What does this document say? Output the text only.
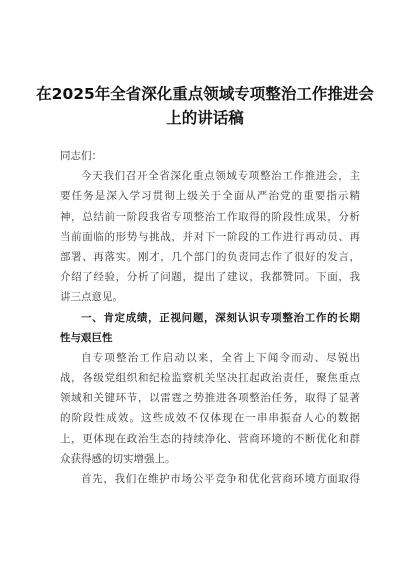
在2025年全省深化重点领域专项整治工作推进会
上的讲话稿
同志们：
今天我们召开全省深化重点领域专项整治工作推进会，主
要任务是深入学习贯彻上级关于全面从严治党的重要指示精
神，总结前一阶段我省专项整治工作取得的阶段性成果，分析
当前面临的形势与挑战，并对下一阶段的工作进行再动员、再
部署、再落实。刚才，几个部门的负责同志作了很好的发言，
介绍了经验，分析了问题，提出了建议，我都赞同。下面，我
讲三点意见。
一、肯定成绩，正视问题，深刻认识专项整治工作的长期
性与艰巨性
自专项整治工作启动以来，全省上下闻令而动、尽锐出
战，各级党组织和纪检监察机关坚决扛起政治责任，聚焦重点
领域和关键环节，以雷霆之势推进各项整治任务，取得了显著
的阶段性成效。这些成效不仅体现在一串串振奋人心的数据
上，更体现在政治生态的持续净化、营商环境的不断优化和群
众获得感的切实增强上。
首先，我们在维护市场公平竞争和优化营商环境方面取得
